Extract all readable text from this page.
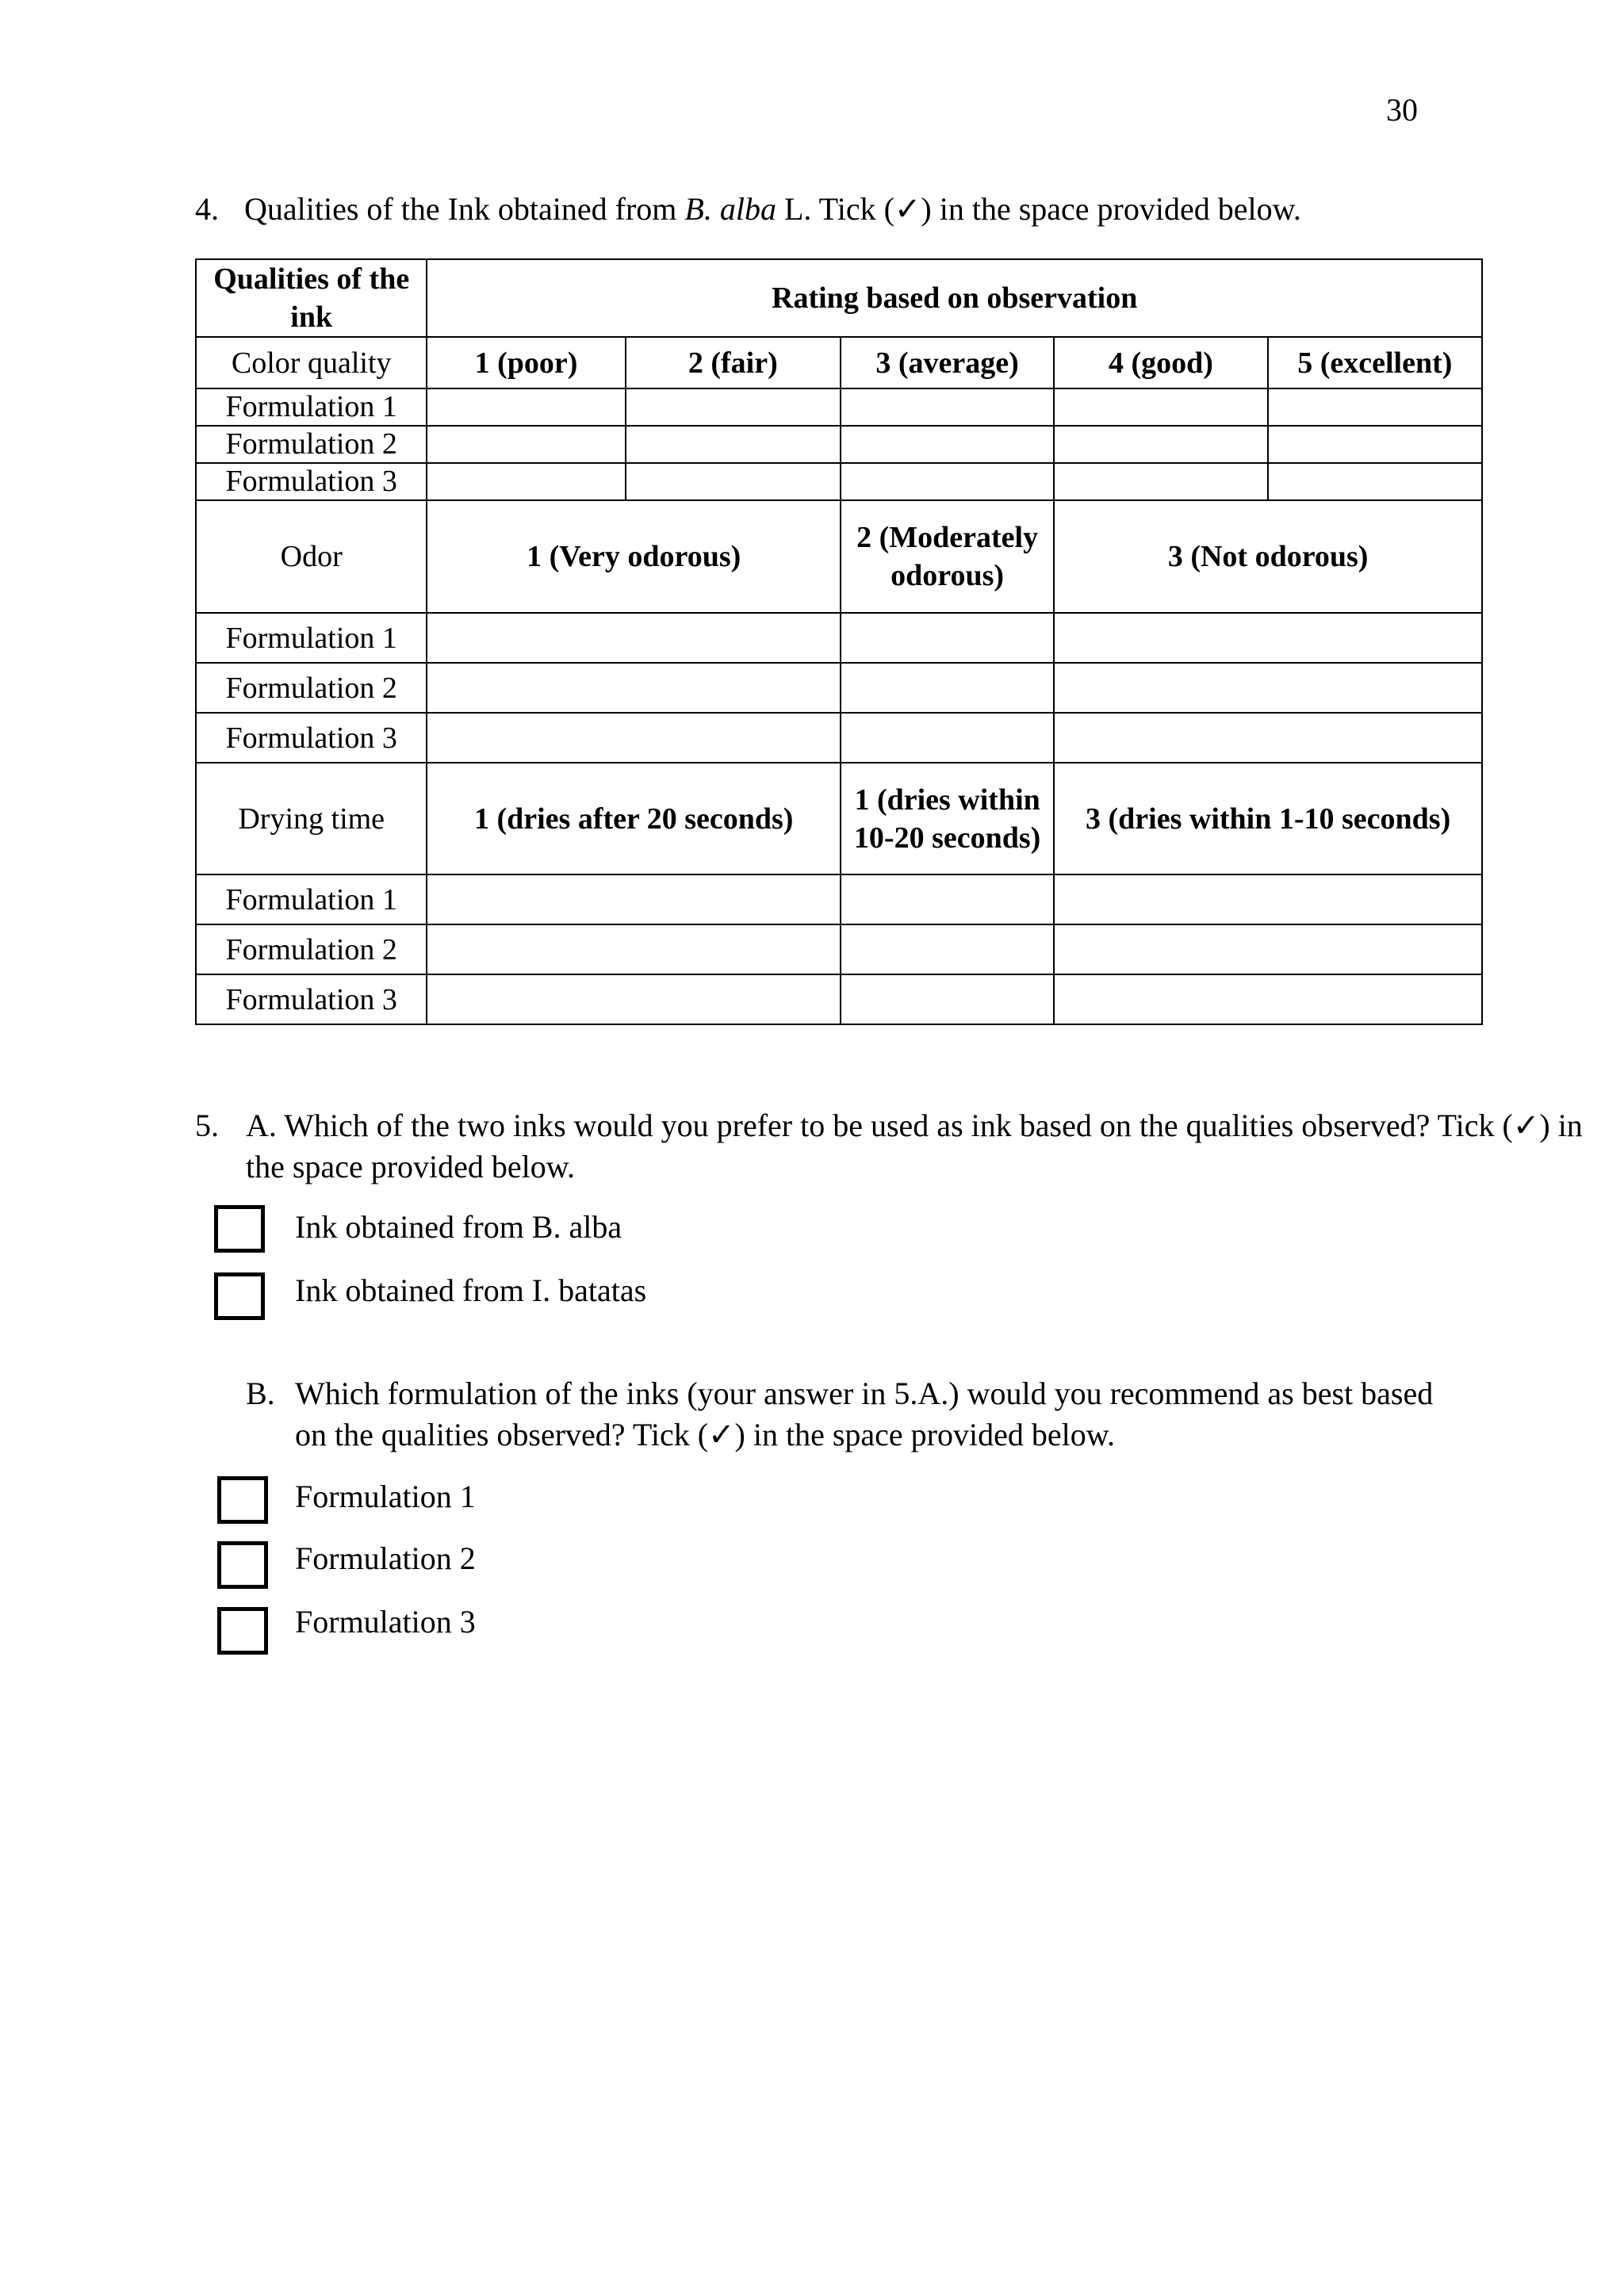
30
4. Qualities of the Ink obtained from B. alba L. Tick (✓) in the space provided below.
Qualities of the ink	Rating based on observation				
Color quality	1 (poor)	2 (fair)	3 (average)	4 (good)	5 (excellent)
Formulation 1					
Formulation 2					
Formulation 3					
Odor	1 (Very odorous)		2 (Moderately odorous)	3 (Not odorous)	
Formulation 1					
Formulation 2					
Formulation 3					
Drying time	1 (dries after 20 seconds)		1 (dries within 10-20 seconds)	3 (dries within 1-10 seconds)	
Formulation 1					
Formulation 2					
Formulation 3					
5. A. Which of the two inks would you prefer to be used as ink based on the qualities observed? Tick (✓) in the space provided below.
Ink obtained from B. alba
Ink obtained from I. batatas
B. Which formulation of the inks (your answer in 5.A.) would you recommend as best based on the qualities observed? Tick (✓) in the space provided below.
Formulation 1
Formulation 2
Formulation 3
